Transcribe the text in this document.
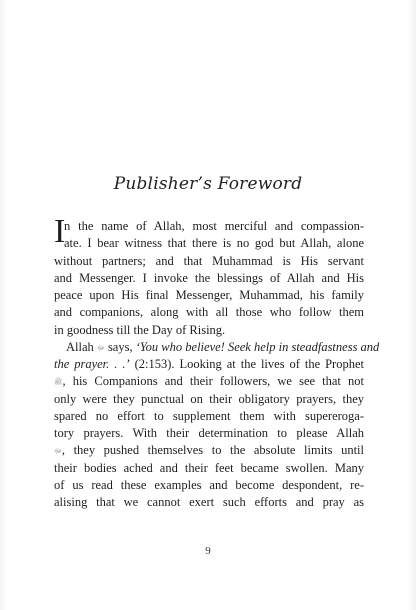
Publisher’s Foreword
I
n the name of Allah, most merciful and compassion-
ate. I bear witness that there is no god but Allah, alone
without partners; and that Muhammad is His servant
and Messenger. I invoke the blessings of Allah and His
peace upon His final Messenger, Muhammad, his family
and companions, along with all those who follow them
in goodness till the Day of Rising.
Allah ﷻ says, ‘You who believe! Seek help in steadfastness and
the prayer. . .’ (2:153). Looking at the lives of the Prophet
ﷺ, his Companions and their followers, we see that not
only were they punctual on their obligatory prayers, they
spared no effort to supplement them with supererogа-
tory prayers. With their determination to please Allah
ﷻ, they pushed themselves to the absolute limits until
their bodies ached and their feet became swollen. Many
of us read these examples and become despondent, re-
alising that we cannot exert such efforts and pray as
9
